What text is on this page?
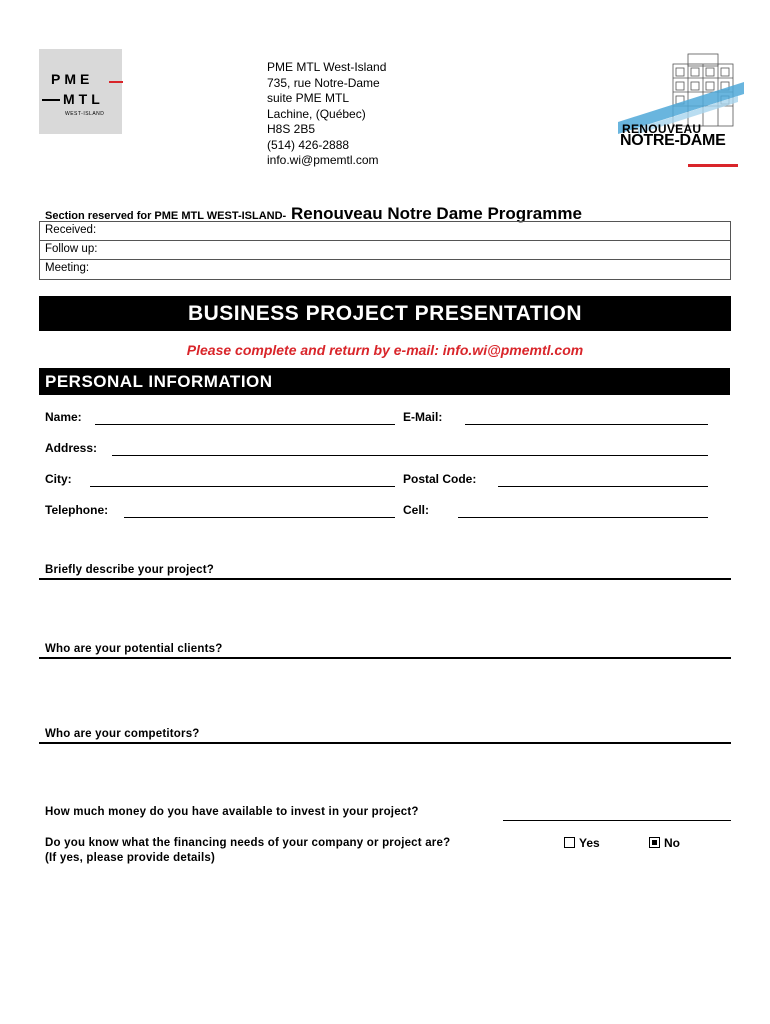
PME
MTL
WEST-ISLAND
PME MTL West-Island
735, rue Notre-Dame
suite PME MTL
Lachine, (Québec)
H8S 2B5
(514) 426-2888
info.wi@pmemtl.com
RENOUVEAU
NOTRE-DAME
Section reserved for PME MTL WEST-ISLAND- Renouveau Notre Dame Programme
Received:
Follow up:
Meeting:
BUSINESS PROJECT PRESENTATION
Please complete and return by e-mail: info.wi@pmemtl.com
PERSONAL INFORMATION
Name:	E-Mail:
Address:
City:	Postal Code:
Telephone:	Cell:
Briefly describe your project?
Who are your potential clients?
Who are your competitors?
How much money do you have available to invest in your project?
Do you know what the financing needs of your company or project are?
(If yes, please provide details)
Yes	No
